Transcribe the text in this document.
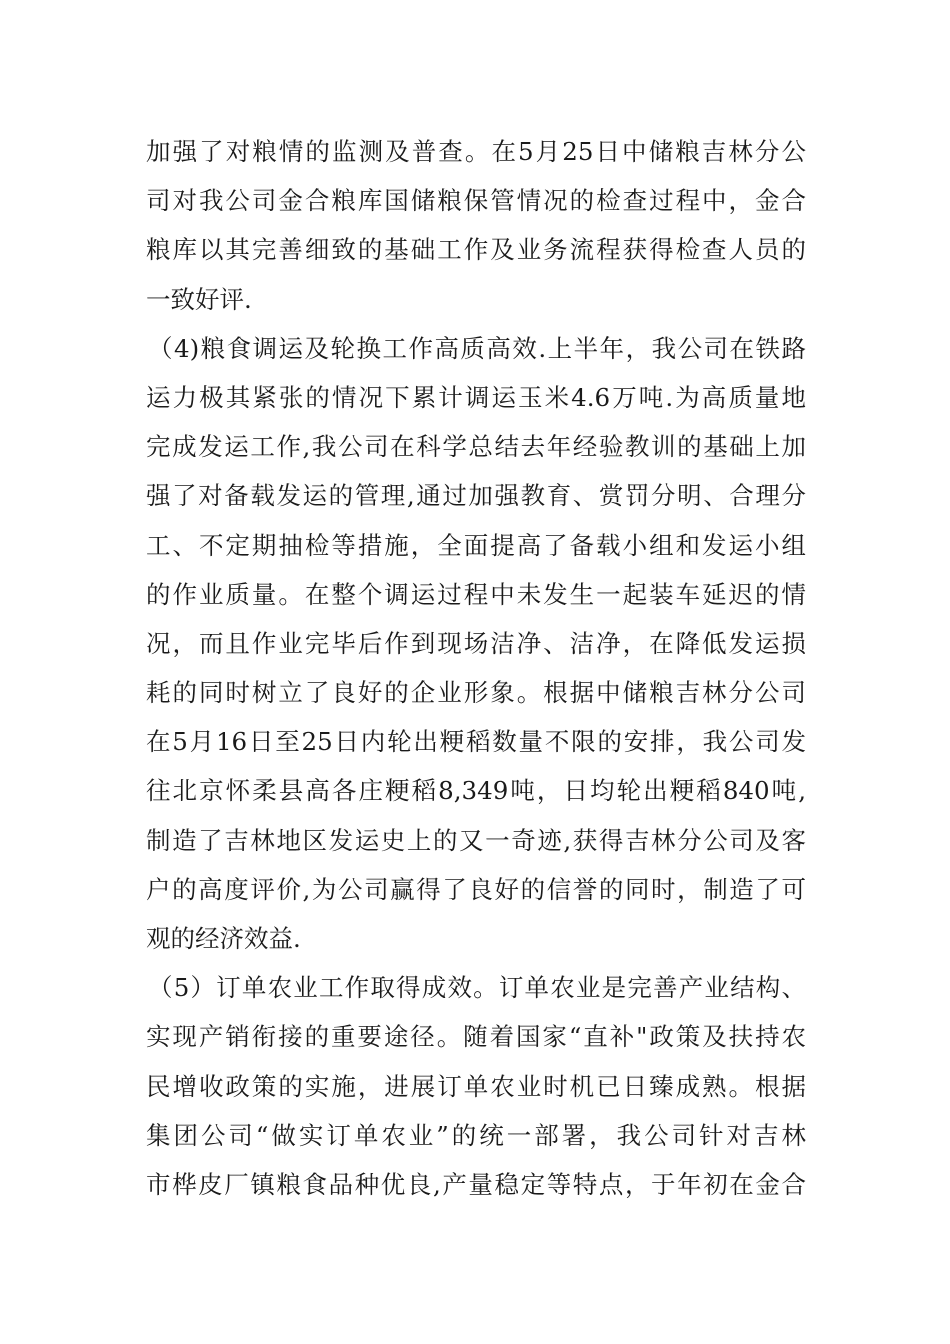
加强了对粮情的监测及普查。在5月25日中储粮吉林分公
司对我公司金合粮库国储粮保管情况的检查过程中，金合
粮库以其完善细致的基础工作及业务流程获得检查人员的
一致好评.
（4)粮食调运及轮换工作高质高效.上半年，我公司在铁路
运力极其紧张的情况下累计调运玉米4.6万吨.为高质量地
完成发运工作,我公司在科学总结去年经验教训的基础上加
强了对备载发运的管理,通过加强教育、赏罚分明、合理分
工、不定期抽检等措施，全面提高了备载小组和发运小组
的作业质量。在整个调运过程中未发生一起装车延迟的情
况，而且作业完毕后作到现场洁净、洁净，在降低发运损
耗的同时树立了良好的企业形象。根据中储粮吉林分公司
在5月16日至25日内轮出粳稻数量不限的安排，我公司发
往北京怀柔县高各庄粳稻8,349吨，日均轮出粳稻840吨,
制造了吉林地区发运史上的又一奇迹,获得吉林分公司及客
户的高度评价,为公司赢得了良好的信誉的同时，制造了可
观的经济效益.
（5）订单农业工作取得成效。订单农业是完善产业结构、
实现产销衔接的重要途径。随着国家“直补"政策及扶持农
民增收政策的实施，进展订单农业时机已日臻成熟。根据
集团公司“做实订单农业”的统一部署，我公司针对吉林
市桦皮厂镇粮食品种优良,产量稳定等特点，于年初在金合
